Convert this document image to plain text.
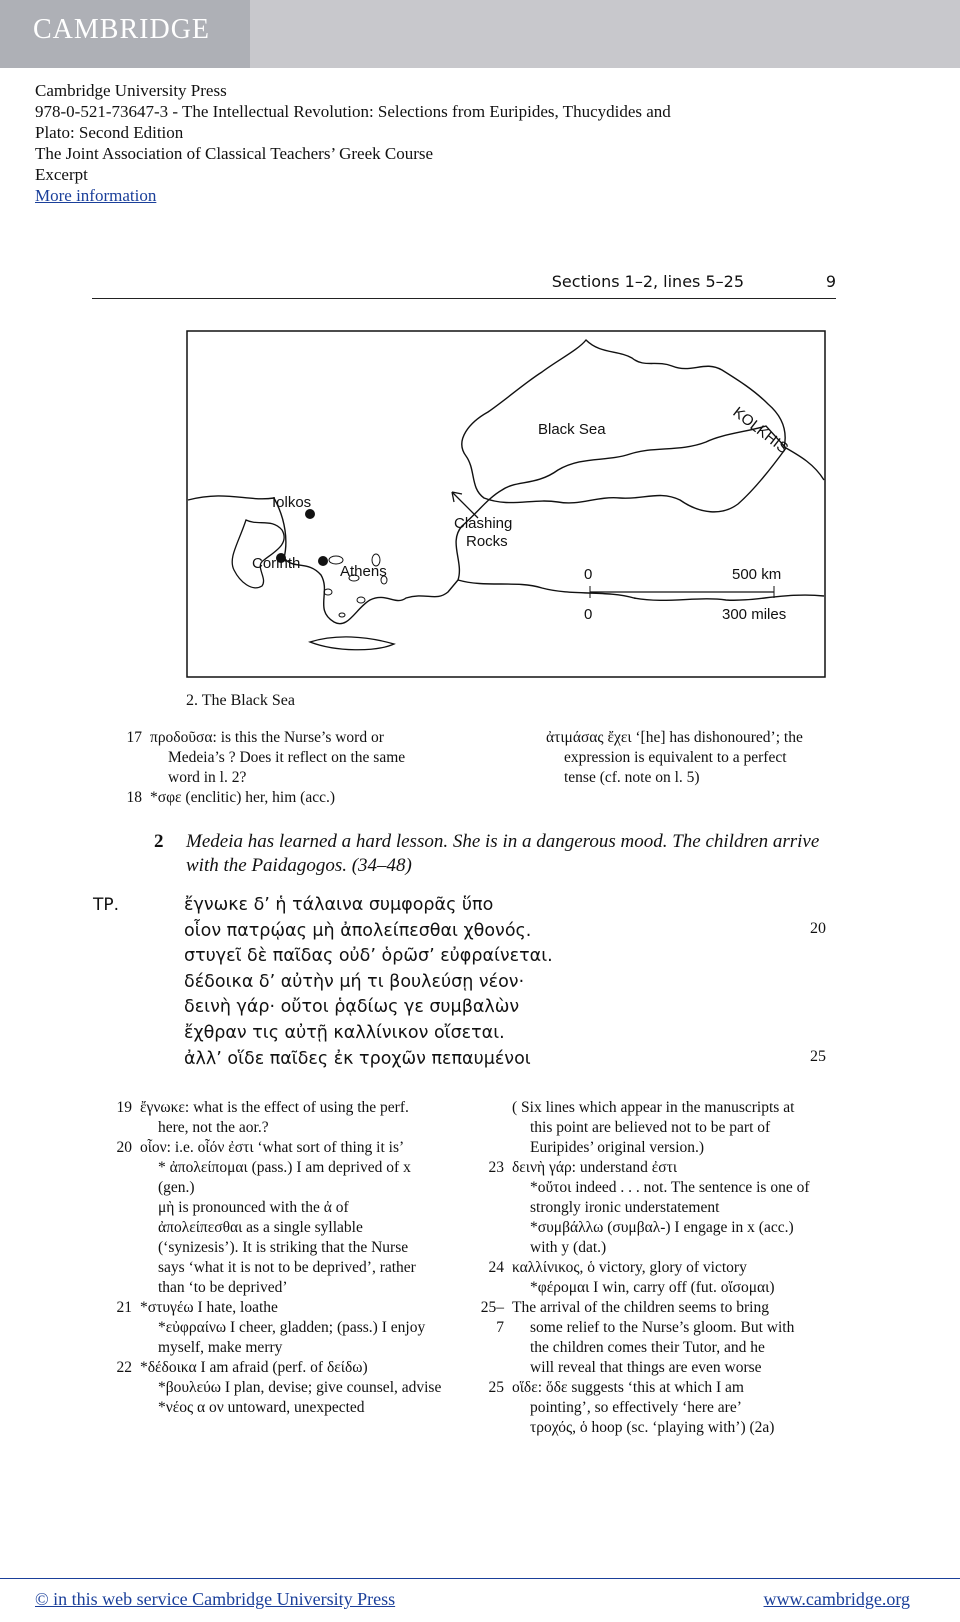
CAMBRIDGE
Cambridge University Press
978-0-521-73647-3 - The Intellectual Revolution: Selections from Euripides, Thucydides and
Plato: Second Edition
The Joint Association of Classical Teachers’ Greek Course
Excerpt
More information
Sections 1–2, lines 5–25	9
Black Sea	KOLKHIS
Iolkos
Clashing
Rocks
Corinth	Athens	0	500 km
0	300 miles
2. The Black Sea
17 προδοῦσα: is this the Nurse’s word or
Medeia’s ? Does it reflect on the same
word in l. 2?
18 *σφε (enclitic) her, him (acc.)
ἀτιμάσας ἔχει ‘[he] has dishonoured’; the
expression is equivalent to a perfect
tense (cf. note on l. 5)
2 Medeia has learned a hard lesson. She is in a dangerous mood. The children arrive with the Paidagogos. (34–48)
ΤΡ.	ἔγνωκε δ’ ἡ τάλαινα συμφορᾶς ὕπο
οἷον πατρῴας μὴ ἀπολείπεσθαι χθονός.
στυγεῖ δὲ παῖδας οὐδ’ ὁρῶσ’ εὐφραίνεται.
δέδοικα δ’ αὐτὴν μή τι βουλεύσῃ νέον·
δεινὴ γάρ· οὔτοι ῥᾳδίως γε συμβαλὼν
ἔχθραν τις αὐτῇ καλλίνικον οἴσεται.
ἀλλ’ οἵδε παῖδες ἐκ τροχῶν πεπαυμένοι
20
25
19 ἔγνωκε: what is the effect of using the perf.
here, not the aor.?
20 οἷον: i.e. οἷόν ἐστι ‘what sort of thing it is’
* ἀπολείπομαι (pass.) I am deprived of x
(gen.)
μὴ is pronounced with the ἀ of
ἀπολείπεσθαι as a single syllable
(‘synizesis’). It is striking that the Nurse
says ‘what it is not to be deprived’, rather
than ‘to be deprived’
21 *στυγέω I hate, loathe
*εὐφραίνω I cheer, gladden; (pass.) I enjoy
myself, make merry
22 *δέδοικα I am afraid (perf. of δείδω)
*βουλεύω I plan, devise; give counsel, advise
*νέος α ον untoward, unexpected
( Six lines which appear in the manuscripts at
this point are believed not to be part of
Euripides’ original version.)
23 δεινὴ γάρ: understand ἐστι
*οὔτοι indeed . . . not. The sentence is one of
strongly ironic understatement
*συμβάλλω (συμβαλ-) I engage in x (acc.)
with y (dat.)
24 καλλίνικος, ὁ victory, glory of victory
*φέρομαι I win, carry off (fut. οἴσομαι)
25–7
The arrival of the children seems to bring
some relief to the Nurse’s gloom. But with
the children comes their Tutor, and he
will reveal that things are even worse
25 οἵδε: ὅδε suggests ‘this at which I am
pointing’, so effectively ‘here are’
τροχός, ὁ hoop (sc. ‘playing with’) (2a)
© in this web service Cambridge University Press	www.cambridge.org
